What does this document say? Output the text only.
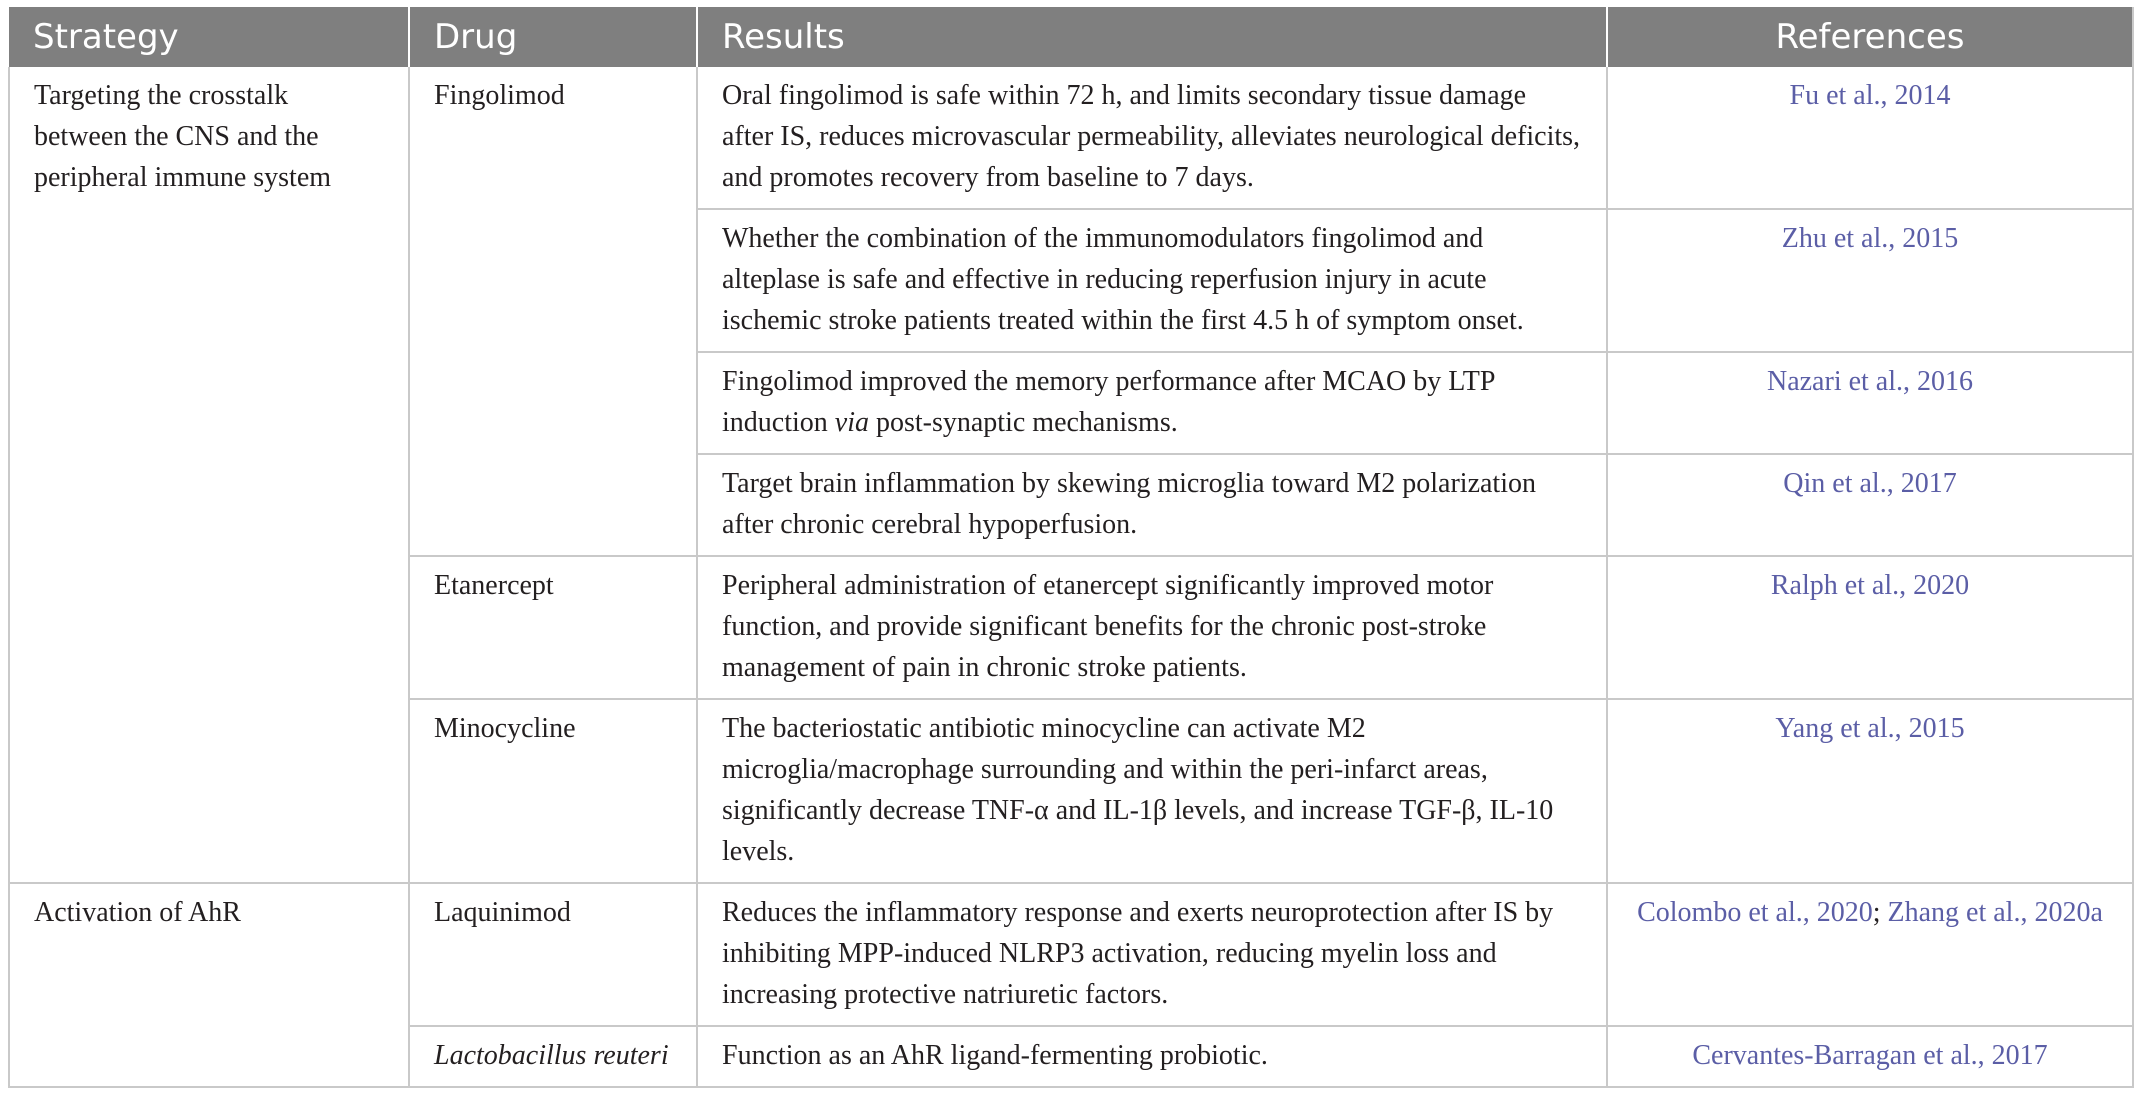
Strategy	Drug	Results	References
Targeting the crosstalk between the CNS and the peripheral immune system	Fingolimod	Oral fingolimod is safe within 72 h, and limits secondary tissue damage after IS, reduces microvascular permeability, alleviates neurological deficits, and promotes recovery from baseline to 7 days.	Fu et al., 2014
		Whether the combination of the immunomodulators fingolimod and alteplase is safe and effective in reducing reperfusion injury in acute ischemic stroke patients treated within the first 4.5 h of symptom onset.	Zhu et al., 2015
		Fingolimod improved the memory performance after MCAO by LTP induction via post-synaptic mechanisms.	Nazari et al., 2016
		Target brain inflammation by skewing microglia toward M2 polarization after chronic cerebral hypoperfusion.	Qin et al., 2017
	Etanercept	Peripheral administration of etanercept significantly improved motor function, and provide significant benefits for the chronic post-stroke management of pain in chronic stroke patients.	Ralph et al., 2020
	Minocycline	The bacteriostatic antibiotic minocycline can activate M2 microglia/macrophage surrounding and within the peri-infarct areas, significantly decrease TNF-α and IL-1β levels, and increase TGF-β, IL-10 levels.	Yang et al., 2015
Activation of AhR	Laquinimod	Reduces the inflammatory response and exerts neuroprotection after IS by inhibiting MPP-induced NLRP3 activation, reducing myelin loss and increasing protective natriuretic factors.	Colombo et al., 2020; Zhang et al., 2020a
	Lactobacillus reuteri	Function as an AhR ligand-fermenting probiotic.	Cervantes-Barragan et al., 2017
